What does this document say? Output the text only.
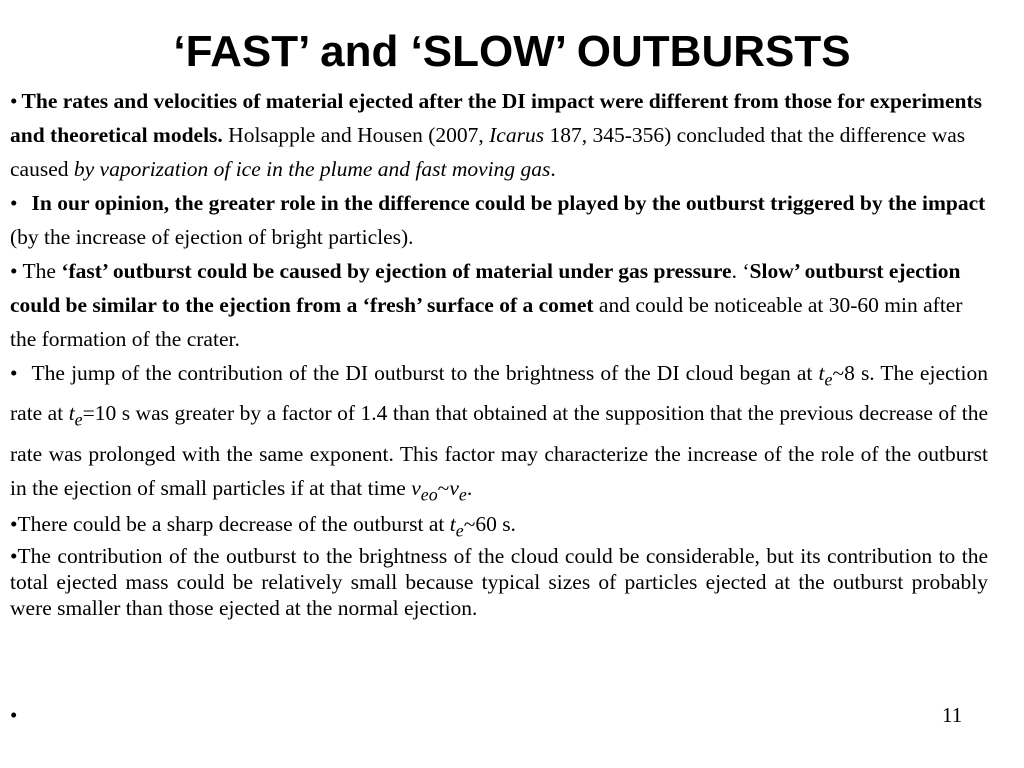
‘FAST’ and ‘SLOW’ OUTBURSTS

• The rates and velocities of material ejected after the DI impact were different from those for experiments and theoretical models. Holsapple and Housen (2007, Icarus 187, 345-356) concluded that the difference was caused by vaporization of ice in the plume and fast moving gas.

• In our opinion, the greater role in the difference could be played by the outburst triggered by the impact (by the increase of ejection of bright particles).

• The ‘fast’ outburst could be caused by ejection of material under gas pressure. ‘Slow’ outburst ejection could be similar to the ejection from a ‘fresh’ surface of a comet and could be noticeable at 30-60 min after the formation of the crater.

• The jump of the contribution of the DI outburst to the brightness of the DI cloud began at $t_e\sim 8$ s. The ejection rate at $t_e=10$ s was greater by a factor of 1.4 than that obtained at the supposition that the previous decrease of the rate was prolonged with the same exponent. This factor may characterize the increase of the role of the outburst in the ejection of small particles if at that time $v_{eo}\sim v_e$.

•There could be a sharp decrease of the outburst at $t_e\sim 60$ s.

•The contribution of the outburst to the brightness of the cloud could be considerable, but its contribution to the total ejected mass could be relatively small because typical sizes of particles ejected at the outburst probably were smaller than those ejected at the normal ejection.

•	11
